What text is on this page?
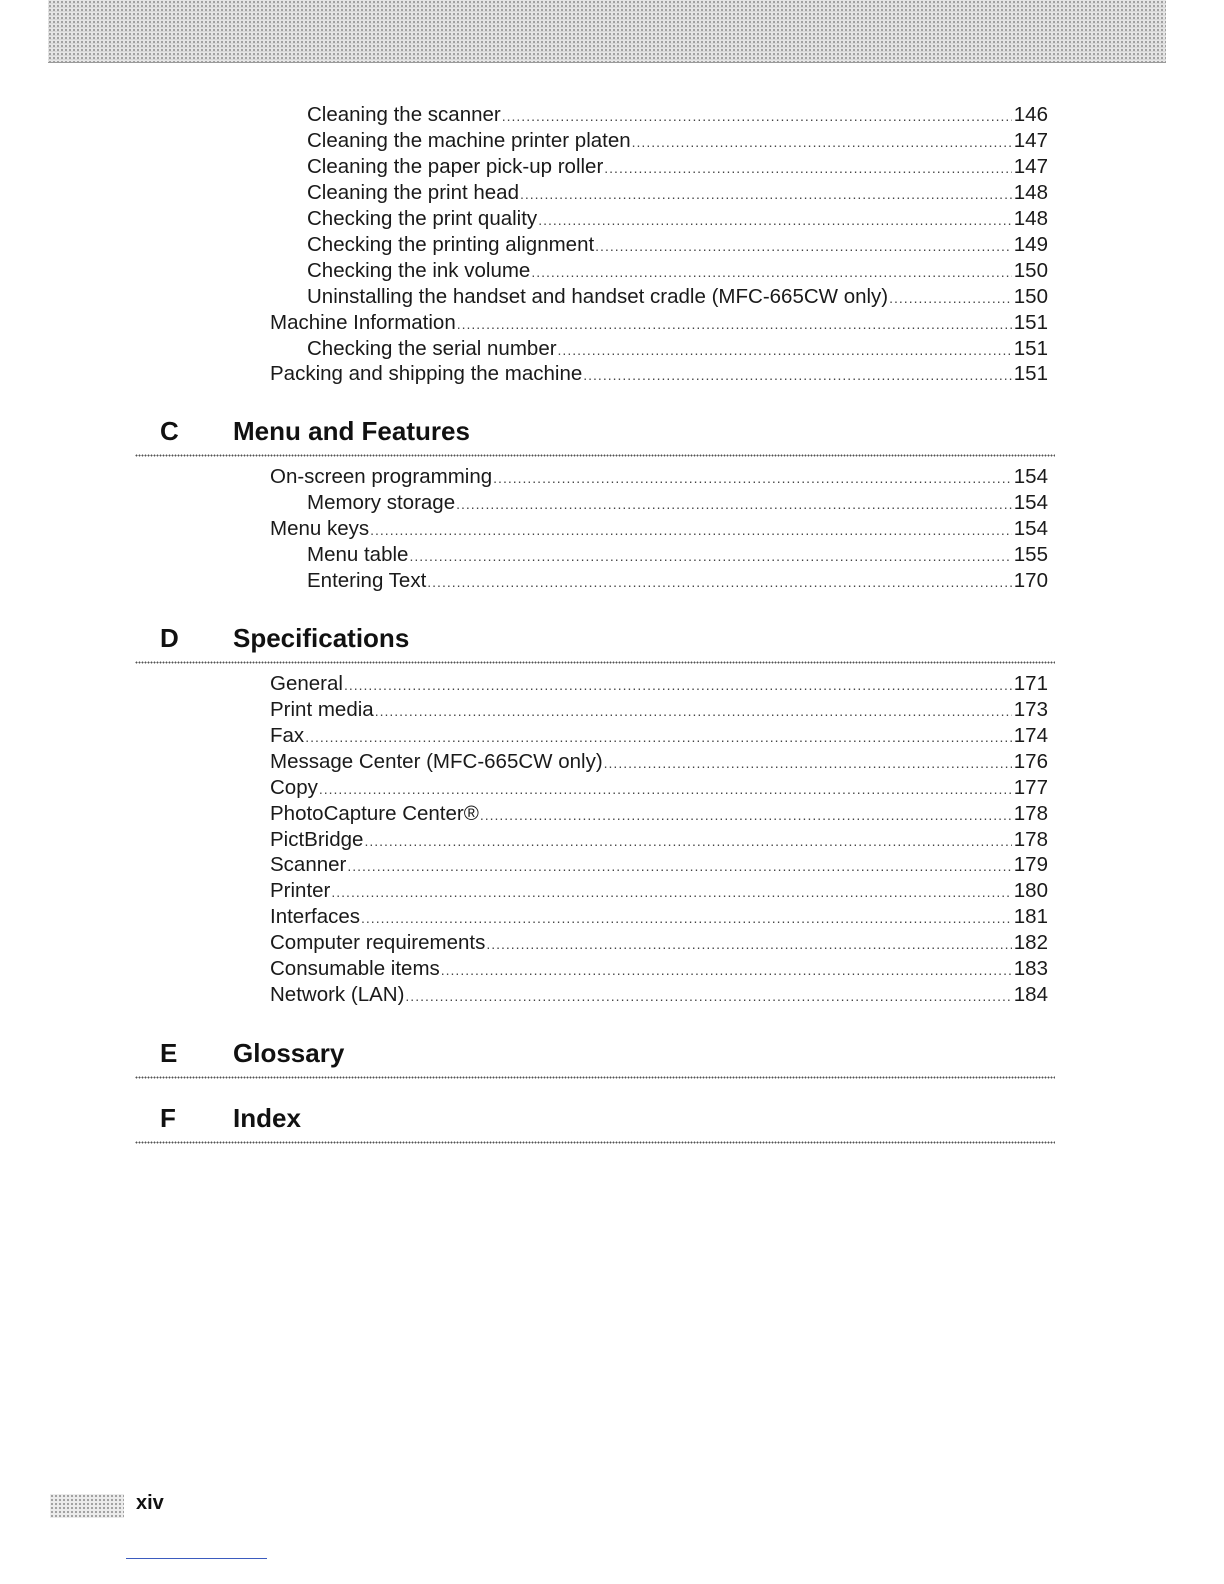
Cleaning the scanner .....	146
Cleaning the machine printer platen .....	147
Cleaning the paper pick-up roller .....	147
Cleaning the print head .....	148
Checking the print quality .....	148
Checking the printing alignment .....	149
Checking the ink volume .....	150
Uninstalling the handset and handset cradle (MFC-665CW only) .....	150
Machine Information .....	151
Checking the serial number .....	151
Packing and shipping the machine .....	151
C Menu and Features
On-screen programming .....	154
Memory storage .....	154
Menu keys .....	154
Menu table .....	155
Entering Text .....	170
D Specifications
General .....	171
Print media .....	173
Fax .....	174
Message Center (MFC-665CW only) .....	176
Copy .....	177
PhotoCapture Center® .....	178
PictBridge .....	178
Scanner .....	179
Printer .....	180
Interfaces .....	181
Computer requirements .....	182
Consumable items .....	183
Network (LAN) .....	184
E Glossary
F Index
xiv
